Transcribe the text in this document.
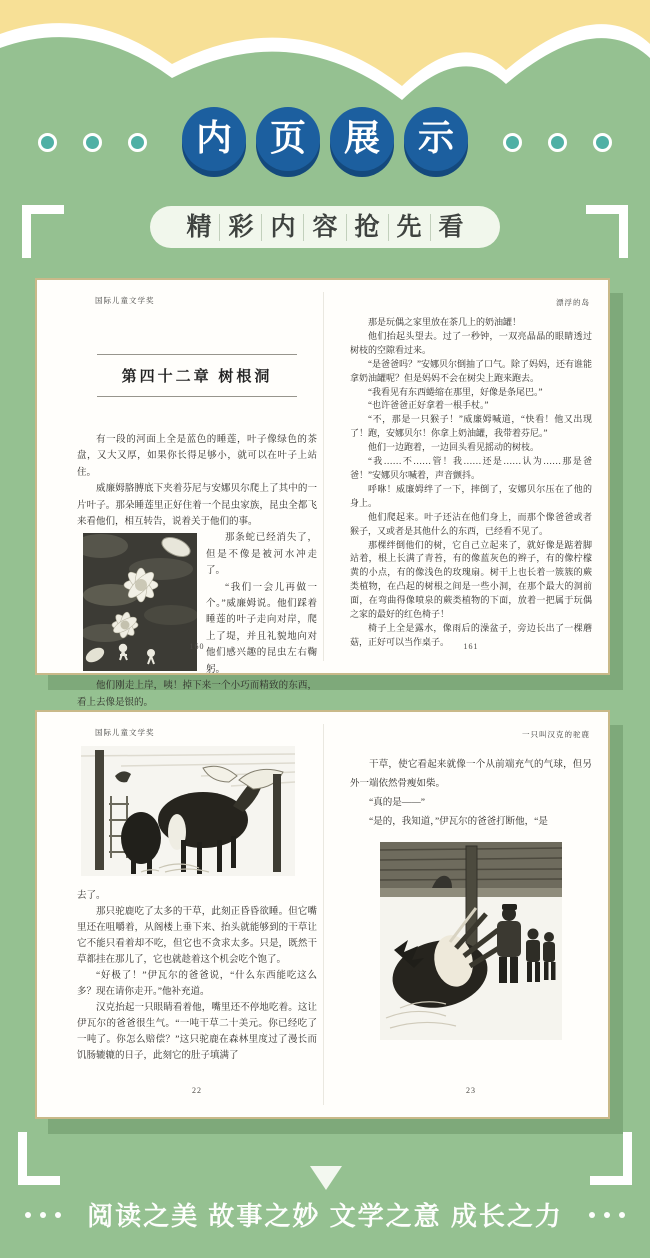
内 页 展 示
精 彩 内 容 抢 先 看
国际儿童文学奖
第四十二章 树根洞

有一段的河面上全是蓝色的睡莲，叶子像绿色的茶盘，又大又厚，如果你长得足够小，就可以在叶子上站住。

威廉姆胳膊底下夹着芬尼与安娜贝尔爬上了其中的一片叶子。那朵睡莲里正好住着一个昆虫家族，昆虫全都飞来看他们，相互转告，说着关于他们的事。

那条蛇已经消失了，但是不像是被河水冲走了。

“我们一会儿再做一个。”威廉姆说。他们踩着睡莲的叶子走向对岸，爬上了堤，并且礼貌地向对他们感兴趣的昆虫左右鞠躬。

他们刚走上岸，咦！掉下来一个小巧而精致的东西，看上去像是银的。

160
漂浮的岛

那是玩偶之家里放在茶几上的奶油罐！

他们抬起头望去。过了一秒钟，一双亮晶晶的眼睛透过树枝的空隙看过来。

“是爸爸吗？”安娜贝尔倒抽了口气。除了妈妈，还有谁能拿奶油罐呢？但是妈妈不会在树尖上跑来跑去。

“我看见有东西蜷缩在那里，好像是条尾巴。”

“也许爸爸正好拿着一根手杖。”

“不，那是一只猴子！”威廉姆喊道，“快看！他又出现了！跑，安娜贝尔！你拿上奶油罐，我带着芬尼。”

他们一边跑着，一边回头看见摇动的树枝。

“我……不……管！我……还是……认为……那是爸爸！”安娜贝尔喊着，声音颤抖。

呼咻！威廉姆绊了一下，摔倒了，安娜贝尔压在了他的身上。

他们爬起来。叶子还沾在他们身上，而那个像爸爸或者猴子，又或者是其他什么的东西，已经看不见了。

那棵绊倒他们的树，它自己立起来了，就好像是踮着脚站着，根上长满了青苔，有的像蓝灰色的辫子，有的像柠檬黄的小点，有的像浅色的玫瑰扇。树干上也长着一簇簇的蕨类植物，在凸起的树根之间是一些小洞，在那个最大的洞前面，在弯曲得像喷泉的蕨类植物的下面，放着一把属于玩偶之家的最好的红色椅子！

椅子上全是露水，像雨后的澡盆子，旁边长出了一棵蘑菇，正好可以当作桌子。	161
国际儿童文学奖

去了。

那只驼鹿吃了太多的干草，此刻正昏昏欲睡。但它嘴里还在咀嚼着，从阁楼上垂下来、抬头就能够到的干草让它不能只看着却不吃，但它也不贪求太多。只是，既然干草都挂在那儿了，它也就趁着这个机会吃个饱了。

“好极了！”伊瓦尔的爸爸说，“什么东西能吃这么多？现在请你走开。”他补充道。

汉克抬起一只眼睛看着他，嘴里还不停地吃着。这让伊瓦尔的爸爸很生气。“一吨干草二十美元。你已经吃了一吨了。你怎么赔偿？”这只驼鹿在森林里度过了漫长而饥肠辘辘的日子，此刻它的肚子填满了

22
一只叫汉克的驼鹿

干草，使它看起来就像一个从前端充气的气球，但另外一端依然骨瘦如柴。

“真的是——”

“是的，我知道，”伊瓦尔的爸爸打断他，“是

23
阅读之美 故事之妙 文学之意 成长之力
